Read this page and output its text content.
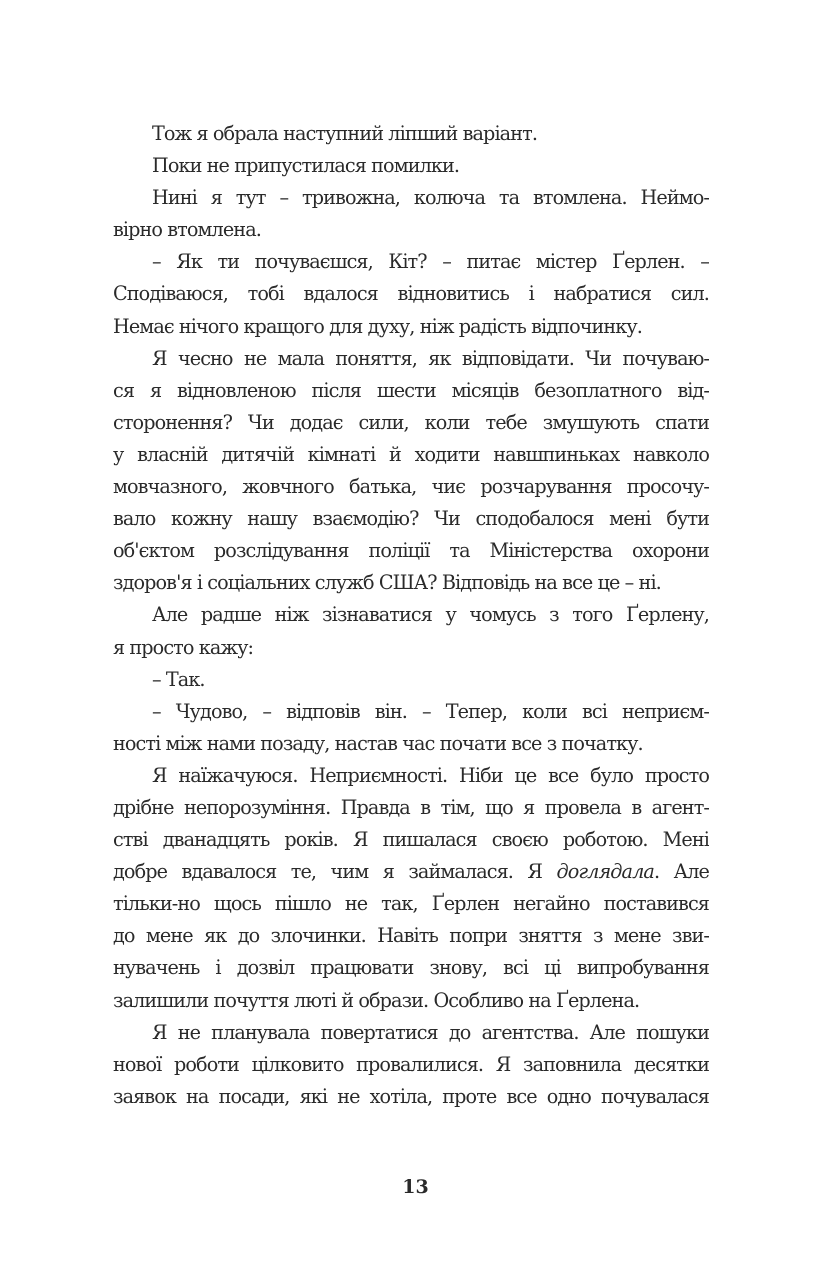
Тож я обрала наступний ліпший варіант.
Поки не припустилася помилки.
Нині я тут – тривожна, колюча та втомлена. Неймо-
вірно втомлена.
– Як ти почуваєшся, Кіт? – питає містер Ґерлен. –
Сподіваюся, тобі вдалося відновитись і набратися сил.
Немає нічого кращого для духу, ніж радість відпочинку.
Я чесно не мала поняття, як відповідати. Чи почуваю-
ся я відновленою після шести місяців безоплатного від-
сторонення? Чи додає сили, коли тебе змушують спати
у власній дитячій кімнаті й ходити навшпиньках навколо
мовчазного, жовчного батька, чиє розчарування просочу-
вало кожну нашу взаємодію? Чи сподобалося мені бути
об'єктом розслідування поліції та Міністерства охорони
здоров'я і соціальних служб США? Відповідь на все це – ні.
Але радше ніж зізнаватися у чомусь з того Ґерлену,
я просто кажу:
– Так.
– Чудово, – відповів він. – Тепер, коли всі неприєм-
ності між нами позаду, настав час почати все з початку.
Я наїжачуюся. Неприємності. Ніби це все було просто
дрібне непорозуміння. Правда в тім, що я провела в агент-
стві дванадцять років. Я пишалася своєю роботою. Мені
добре вдавалося те, чим я займалася. Я доглядала. Але
тільки-но щось пішло не так, Ґерлен негайно поставився
до мене як до злочинки. Навіть попри зняття з мене зви-
нувачень і дозвіл працювати знову, всі ці випробування
залишили почуття люті й образи. Особливо на Ґерлена.
Я не планувала повертатися до агентства. Але пошуки
нової роботи цілковито провалилися. Я заповнила десятки
заявок на посади, які не хотіла, проте все одно почувалася
13
